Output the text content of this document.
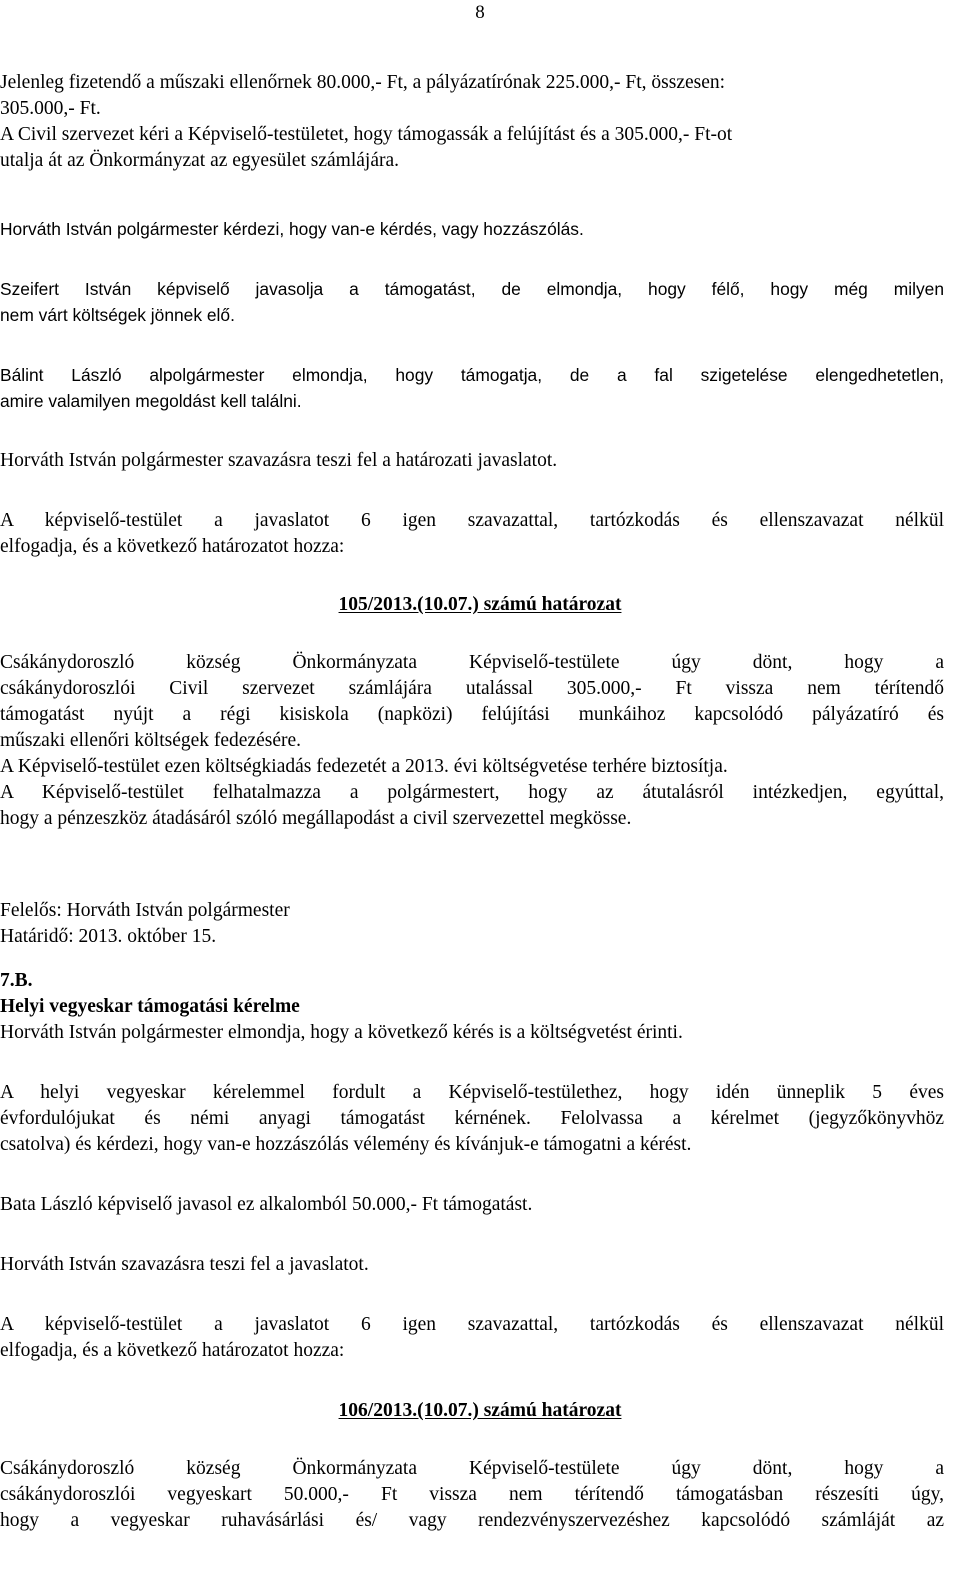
8
Jelenleg fizetendő a műszaki ellenőrnek 80.000,- Ft, a pályázatírónak 225.000,- Ft, összesen:
305.000,- Ft.
A Civil szervezet kéri a Képviselő-testületet, hogy támogassák a felújítást és a 305.000,- Ft-ot
utalja át az Önkormányzat az egyesület számlájára.
Horváth István polgármester kérdezi, hogy van-e kérdés, vagy hozzászólás.
Szeifert István képviselő javasolja a támogatást, de elmondja, hogy félő, hogy még milyen
nem várt költségek jönnek elő.
Bálint László alpolgármester elmondja, hogy támogatja, de a fal szigetelése elengedhetetlen,
amire valamilyen megoldást kell találni.
Horváth István polgármester szavazásra teszi fel a határozati javaslatot.
A képviselő-testület a javaslatot 6 igen szavazattal, tartózkodás és ellenszavazat nélkül
elfogadja, és a következő határozatot hozza:
105/2013.(10.07.) számú határozat
Csákánydoroszló község Önkormányzata Képviselő-testülete úgy dönt, hogy a
csákánydoroszlói Civil szervezet számlájára utalással 305.000,- Ft vissza nem térítendő
támogatást nyújt a régi kisiskola (napközi) felújítási munkáihoz kapcsolódó pályázatíró és
műszaki ellenőri költségek fedezésére.
A Képviselő-testület ezen költségkiadás fedezetét a 2013. évi költségvetése terhére biztosítja.
A Képviselő-testület felhatalmazza a polgármestert, hogy az átutalásról intézkedjen, egyúttal,
hogy a pénzeszköz átadásáról szóló megállapodást a civil szervezettel megkösse.
Felelős: Horváth István polgármester
Határidő: 2013. október 15.
7.B.
Helyi vegyeskar támogatási kérelme
Horváth István polgármester elmondja, hogy a következő kérés is a költségvetést érinti.
A helyi vegyeskar kérelemmel fordult a Képviselő-testülethez, hogy idén ünneplik 5 éves
évfordulójukat és némi anyagi támogatást kérnének. Felolvassa a kérelmet (jegyzőkönyvhöz
csatolva) és kérdezi, hogy van-e hozzászólás vélemény és kívánjuk-e támogatni a kérést.
Bata László képviselő javasol ez alkalomból 50.000,- Ft támogatást.
Horváth István szavazásra teszi fel a javaslatot.
A képviselő-testület a javaslatot 6 igen szavazattal, tartózkodás és ellenszavazat nélkül
elfogadja, és a következő határozatot hozza:
106/2013.(10.07.) számú határozat
Csákánydoroszló község Önkormányzata Képviselő-testülete úgy dönt, hogy a
csákánydoroszlói vegyeskart 50.000,- Ft vissza nem térítendő támogatásban részesíti úgy,
hogy a vegyeskar ruhavásárlási és/ vagy rendezvényszervezéshez kapcsolódó számláját az
